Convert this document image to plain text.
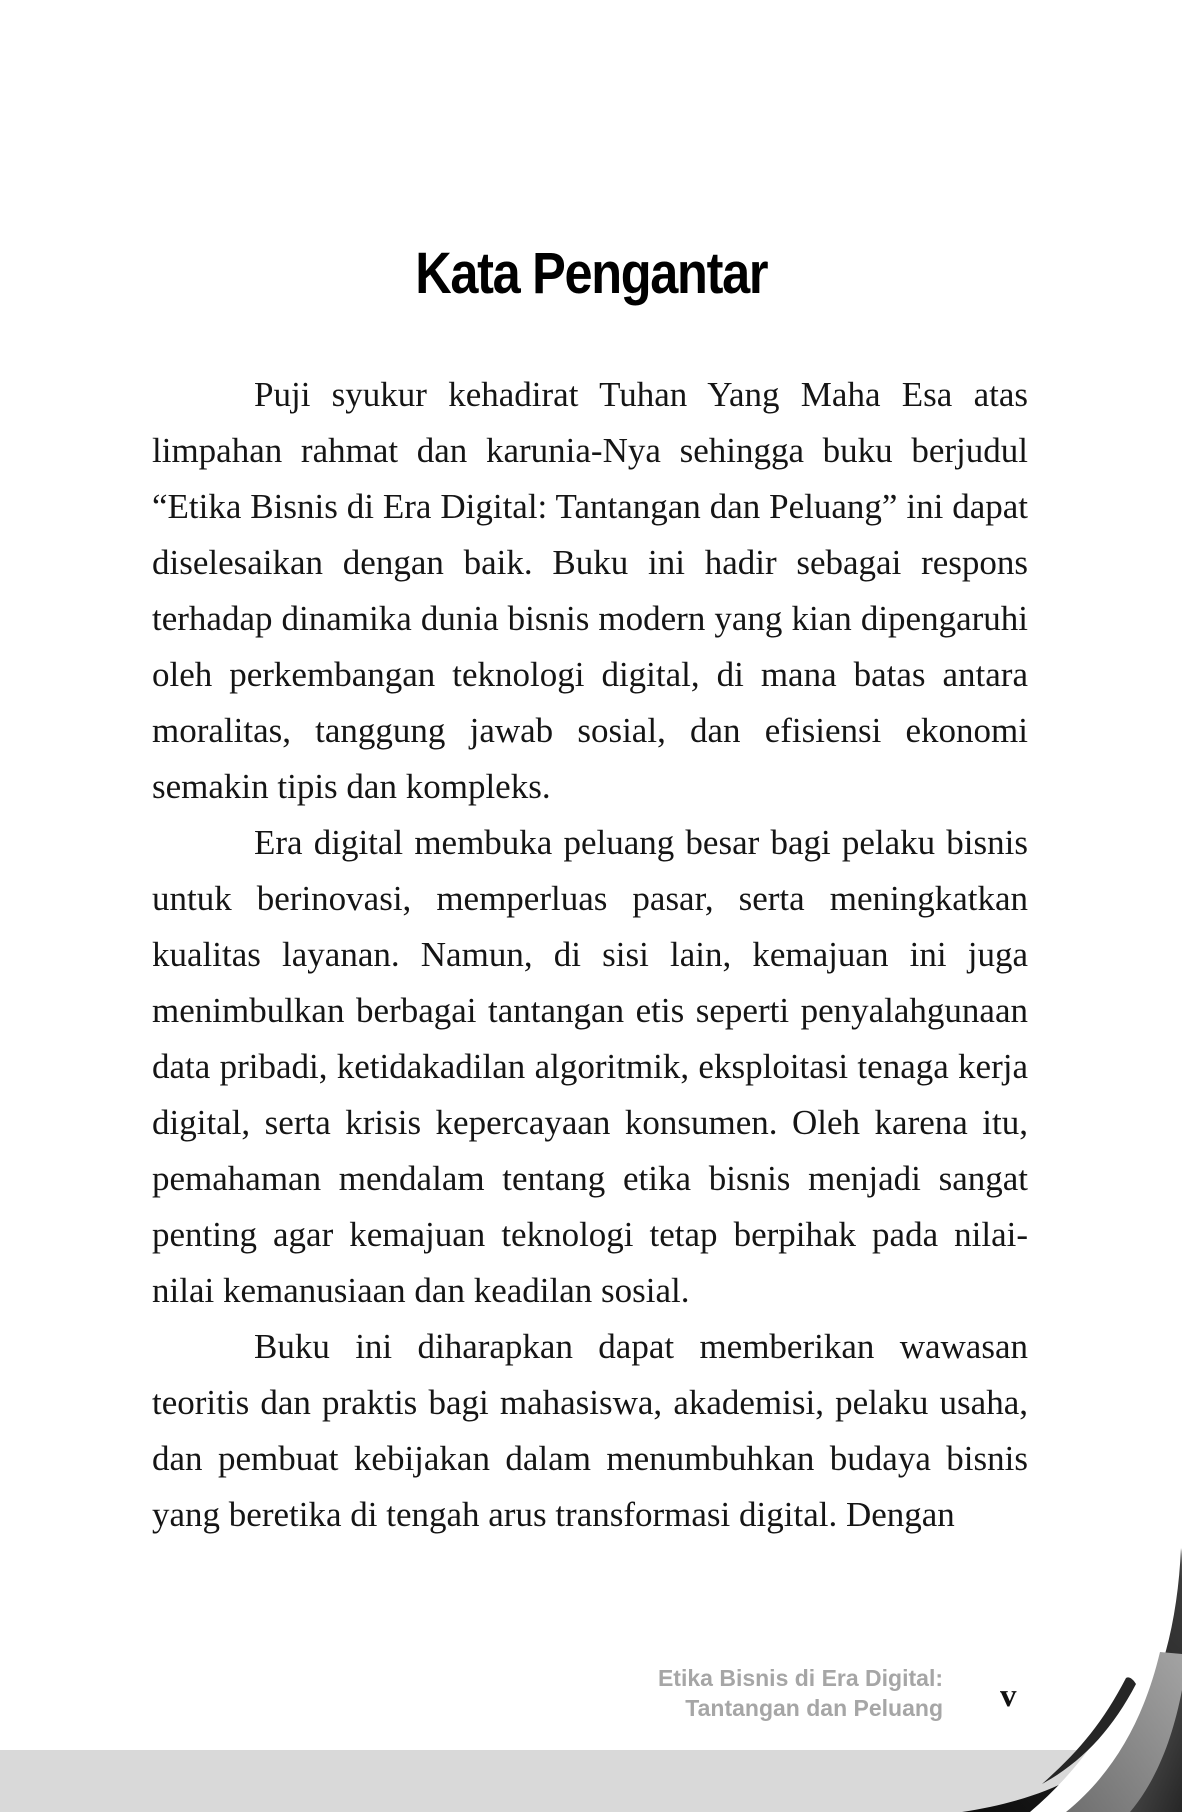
Kata Pengantar

Puji syukur kehadirat Tuhan Yang Maha Esa atas limpahan rahmat dan karunia-Nya sehingga buku berjudul “Etika Bisnis di Era Digital: Tantangan dan Peluang” ini dapat diselesaikan dengan baik. Buku ini hadir sebagai respons terhadap dinamika dunia bisnis modern yang kian dipengaruhi oleh perkembangan teknologi digital, di mana batas antara moralitas, tanggung jawab sosial, dan efisiensi ekonomi semakin tipis dan kompleks.

Era digital membuka peluang besar bagi pelaku bisnis untuk berinovasi, memperluas pasar, serta meningkatkan kualitas layanan. Namun, di sisi lain, kemajuan ini juga menimbulkan berbagai tantangan etis seperti penyalahgunaan data pribadi, ketidakadilan algoritmik, eksploitasi tenaga kerja digital, serta krisis kepercayaan konsumen. Oleh karena itu, pemahaman mendalam tentang etika bisnis menjadi sangat penting agar kemajuan teknologi tetap berpihak pada nilai-nilai kemanusiaan dan keadilan sosial.

Buku ini diharapkan dapat memberikan wawasan teoritis dan praktis bagi mahasiswa, akademisi, pelaku usaha, dan pembuat kebijakan dalam menumbuhkan budaya bisnis yang beretika di tengah arus transformasi digital. Dengan

Etika Bisnis di Era Digital:
Tantangan dan Peluang v
